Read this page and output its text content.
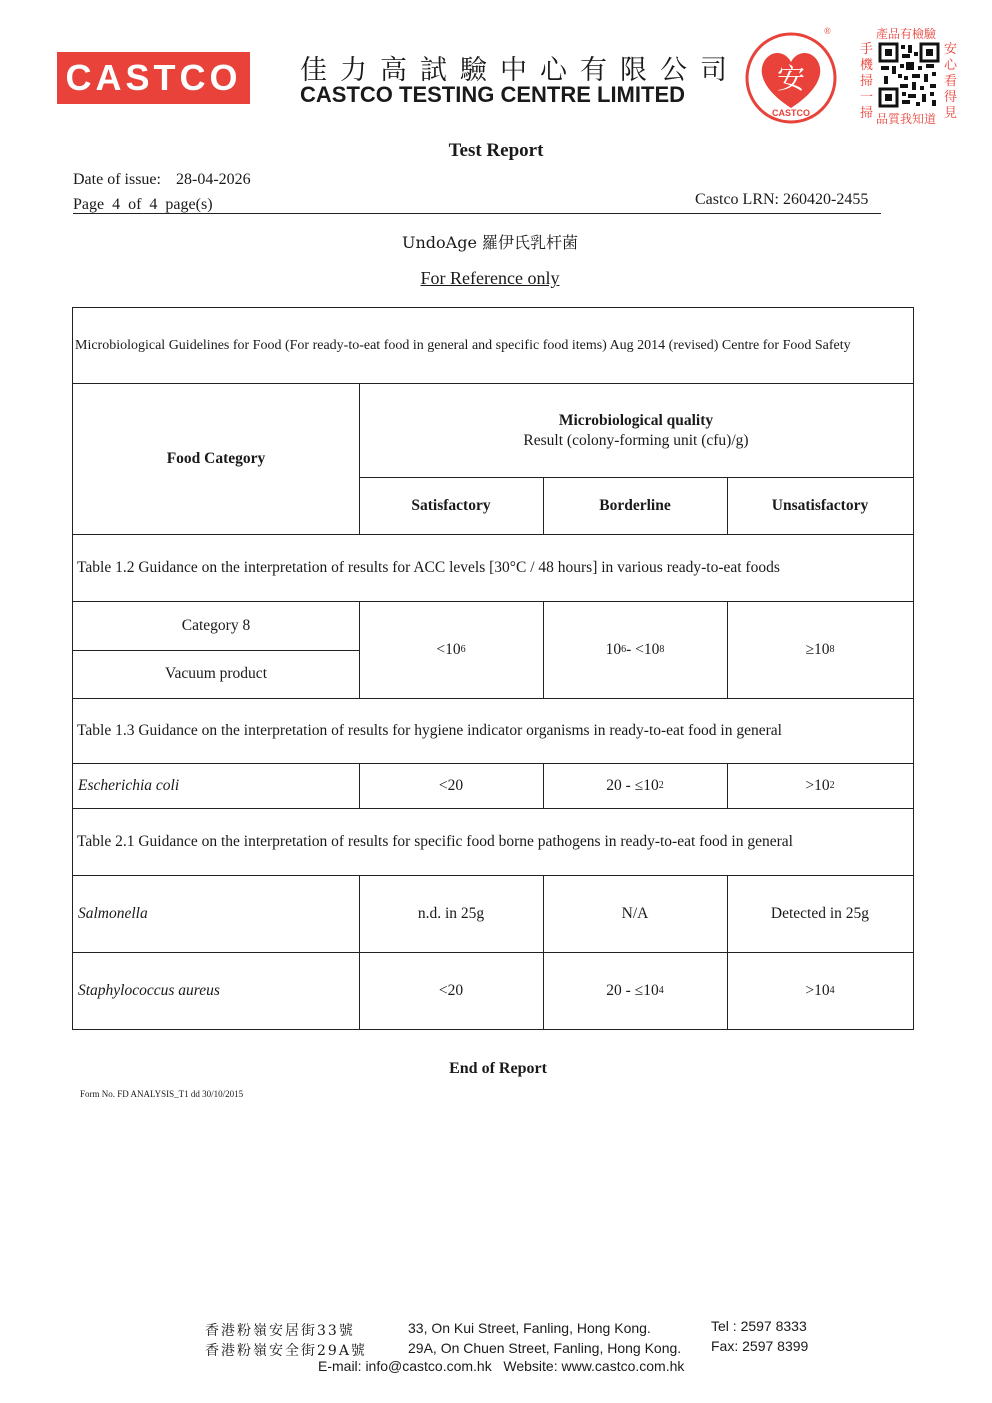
CASTCO	佳力高試驗中心有限公司
CASTCO TESTING CENTRE LIMITED	安
CASTCO
®	產品有檢驗
手機掃一掃
安心看得見
品質我知道
Test Report
Date of issue: 28-04-2026
Page  4  of  4  page(s)	Castco LRN: 260420-2455
UndoAge 羅伊氏乳杆菌
For Reference only
Microbiological Guidelines for Food (For ready-to-eat food in general and specific food items) Aug 2014 (revised) Centre for Food Safety
Food Category
Microbiological quality
Result (colony-forming unit (cfu)/g)
Satisfactory	Borderline	Unsatisfactory
Table 1.2 Guidance on the interpretation of results for ACC levels [30°C / 48 hours] in various ready-to-eat foods
Category 8
Vacuum product
<10 6	10 6 - <10 8	≥10 8
Table 1.3 Guidance on the interpretation of results for hygiene indicator organisms in ready-to-eat food in general
Escherichia coli	<20	20 - ≤10 2	>10 2
Table 2.1 Guidance on the interpretation of results for specific food borne pathogens in ready-to-eat food in general
Salmonella	n.d. in 25g	N/A	Detected in 25g
Staphylococcus aureus	<20	20 - ≤10 4	>10 4
End of Report
Form No. FD ANALYSIS_T1 dd 30/10/2015
香港粉嶺安居街33號	33, On Kui Street, Fanling, Hong Kong.	Tel : 2597 8333
香港粉嶺安全街29A號	29A, On Chuen Street, Fanling, Hong Kong. Fax: 2597 8399
E-mail: info@castco.com.hk   Website: www.castco.com.hk
